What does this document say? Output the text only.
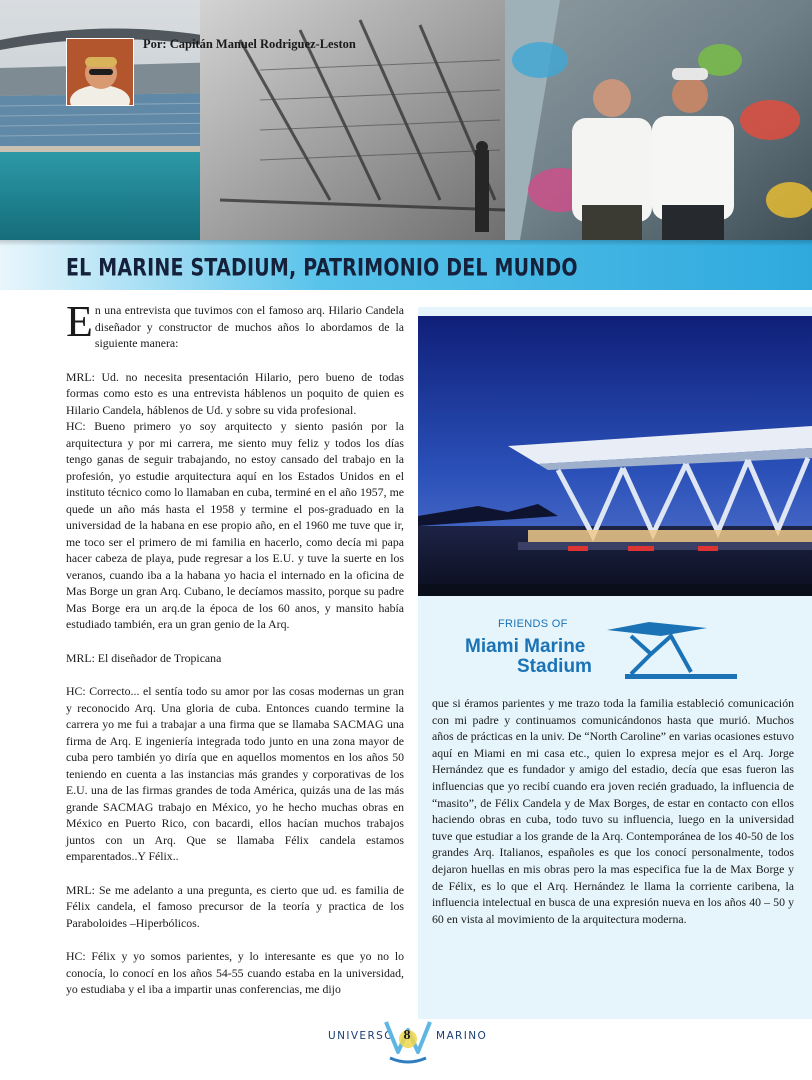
Por: Capitán Manuel Rodriguez-Leston
EL MARINE STADIUM, PATRIMONIO DEL MUNDO

En una entrevista que tuvimos con el famoso arq. Hilario Candela diseñador y constructor de muchos años lo abordamos de la siguiente manera:

MRL: Ud. no necesita presentación Hilario, pero bueno de todas formas como esto es una entrevista háblenos un poquito de quien es Hilario Candela, háblenos de Ud. y sobre su vida profesional.

HC: Bueno primero yo soy arquitecto y siento pasión por la arquitectura y por mi carrera, me siento muy feliz y todos los días tengo ganas de seguir trabajando, no estoy cansado del trabajo en la profesión, yo estudie arquitectura aquí en los Estados Unidos en el instituto técnico como lo llamaban en cuba, terminé en el año 1957, me quede un año más hasta el 1958 y termine el pos-graduado en la universidad de la habana en ese propio año, en el 1960 me tuve que ir, me toco ser el primero de mi familia en hacerlo, como decía mi papa hacer cabeza de playa, pude regresar a los E.U. y tuve la suerte en los veranos, cuando iba a la habana yo hacia el internado en la oficina de Mas Borge un gran Arq. Cubano, le decíamos massito, porque su padre Mas Borge era un arq.de la época de los 60 anos, y mansito había estudiado también, era un gran genio de la Arq.

MRL: El diseñador de Tropicana

HC: Correcto... el sentía todo su amor por las cosas modernas un gran y reconocido Arq. Una gloria de cuba. Entonces cuando termine la carrera yo me fui a trabajar a una firma que se llamaba SACMAG una firma de Arq. E ingeniería integrada todo junto en una zona mayor de cuba pero también yo diría que en aquellos momentos en los años 50 teniendo en cuenta a las instancias más grandes y corporativas de los E.U. una de las firmas grandes de toda América, quizás una de las más grande SACMAG trabajo en México, yo he hecho muchas obras en México en Puerto Rico, con bacardi, ellos hacían muchos trabajos juntos con un Arq. Que se llamaba Félix candela estamos emparentados..Y Félix..

MRL: Se me adelanto a una pregunta, es cierto que ud. es familia de Félix candela, el famoso precursor de la teoría y practica de los Paraboloides –Hiperbólicos.

HC: Félix y yo somos parientes, y lo interesante es que yo no lo conocía, lo conocí en los años 54-55 cuando estaba en la universidad, yo estudiaba y el iba a impartir unas conferencias, me dijo

FRIENDS OF
Miami Marine
Stadium

que si éramos parientes y me trazo toda la familia estableció comunicación con mi padre y continuamos comunicándonos hasta que murió. Muchos años de prácticas en la univ. De “North Caroline” en varias ocasiones estuvo aquí en Miami en mi casa etc., quien lo expresa mejor es el Arq. Jorge Hernández que es fundador y amigo del estadio, decía que esas fueron las influencias que yo recibí cuando era joven recién graduado, la influencia de “masito”, de Félix Candela y de Max Borges, de estar en contacto con ellos haciendo obras en cuba, todo tuvo su influencia, luego en la universidad tuve que estudiar a los grande de la Arq. Contemporánea de los 40-50 de los grandes Arq. Italianos, españoles es que los conocí personalmente, todos dejaron huellas en mis obras pero la mas especifica fue la de Max Borge y de Félix, es lo que el Arq. Hernández le llama la corriente caribena, la influencia intelectual en busca de una expresión nueva en los años 40 – 50 y 60 en vista al movimiento de la arquitectura moderna.

UNIVERSO 8	MARINO
